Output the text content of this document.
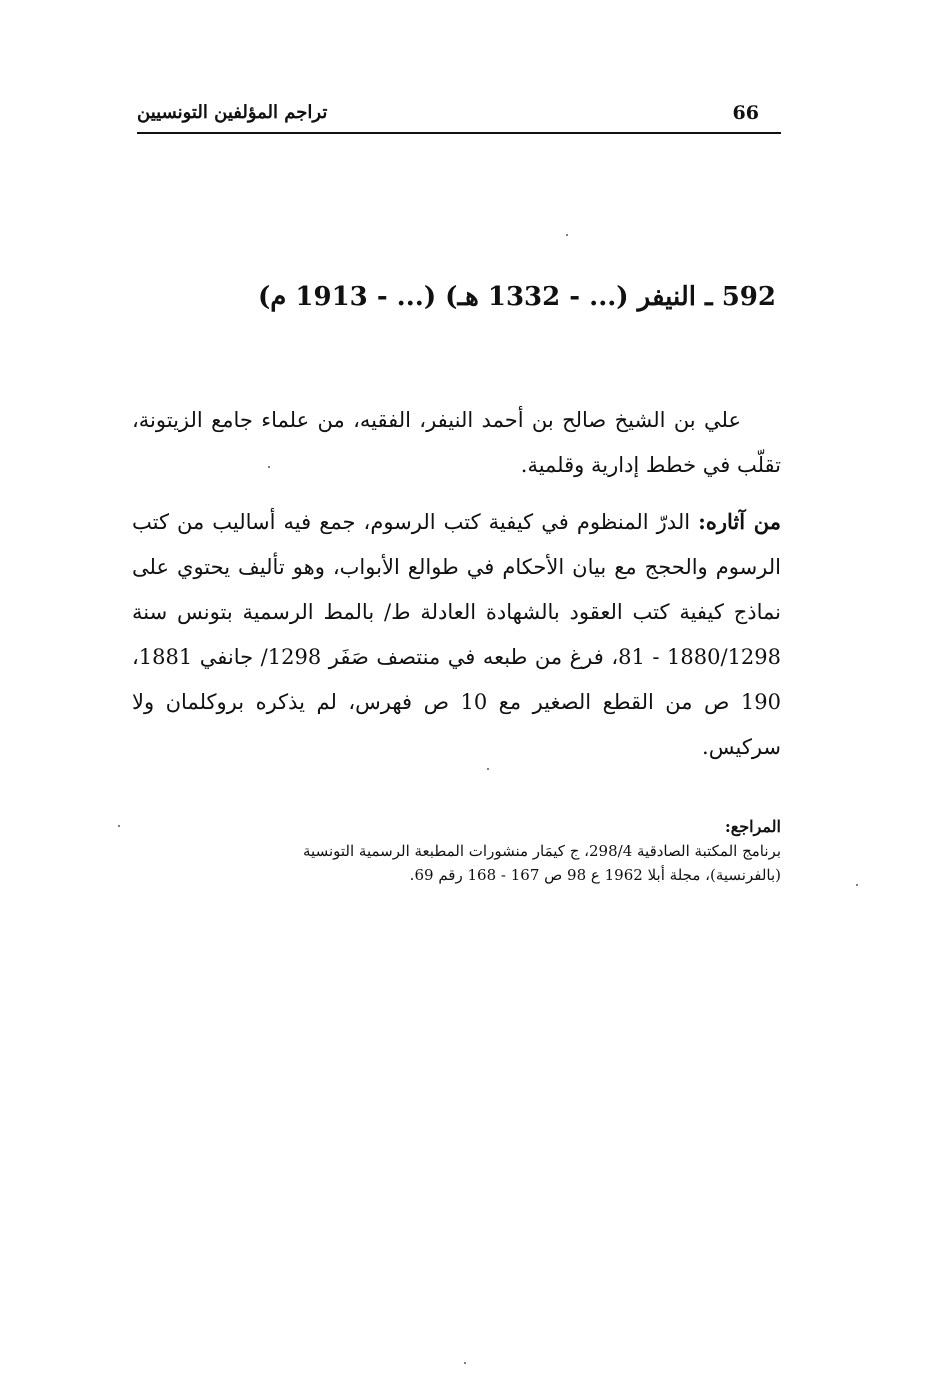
تراجم المؤلفين التونسيين	66
592 ـ النيفر (... - 1332 هـ) (... - 1913 م)

علي بن الشيخ صالح بن أحمد النيفر، الفقيه، من علماء جامع الزيتونة، تقلّب في خطط إدارية وقلمية.

من آثاره: الدرّ المنظوم في كيفية كتب الرسوم، جمع فيه أساليب من كتب الرسوم والحجج مع بيان الأحكام في طوالع الأبواب، وهو تأليف يحتوي على نماذج كيفية كتب العقود بالشهادة العادلة ط/ بالمط الرسمية بتونس سنة 1880/1298 - 81، فرغ من طبعه في منتصف صَفَر 1298/ جانفي 1881، 190 ص من القطع الصغير مع 10 ص فهرس، لم يذكره بروكلمان ولا سركيس.

المراجع:
برنامج المكتبة الصادقية 298/4، ج كيمَار منشورات المطبعة الرسمية التونسية
(بالفرنسية)، مجلة أبلا 1962 ع 98 ص 167 - 168 رقم 69.
